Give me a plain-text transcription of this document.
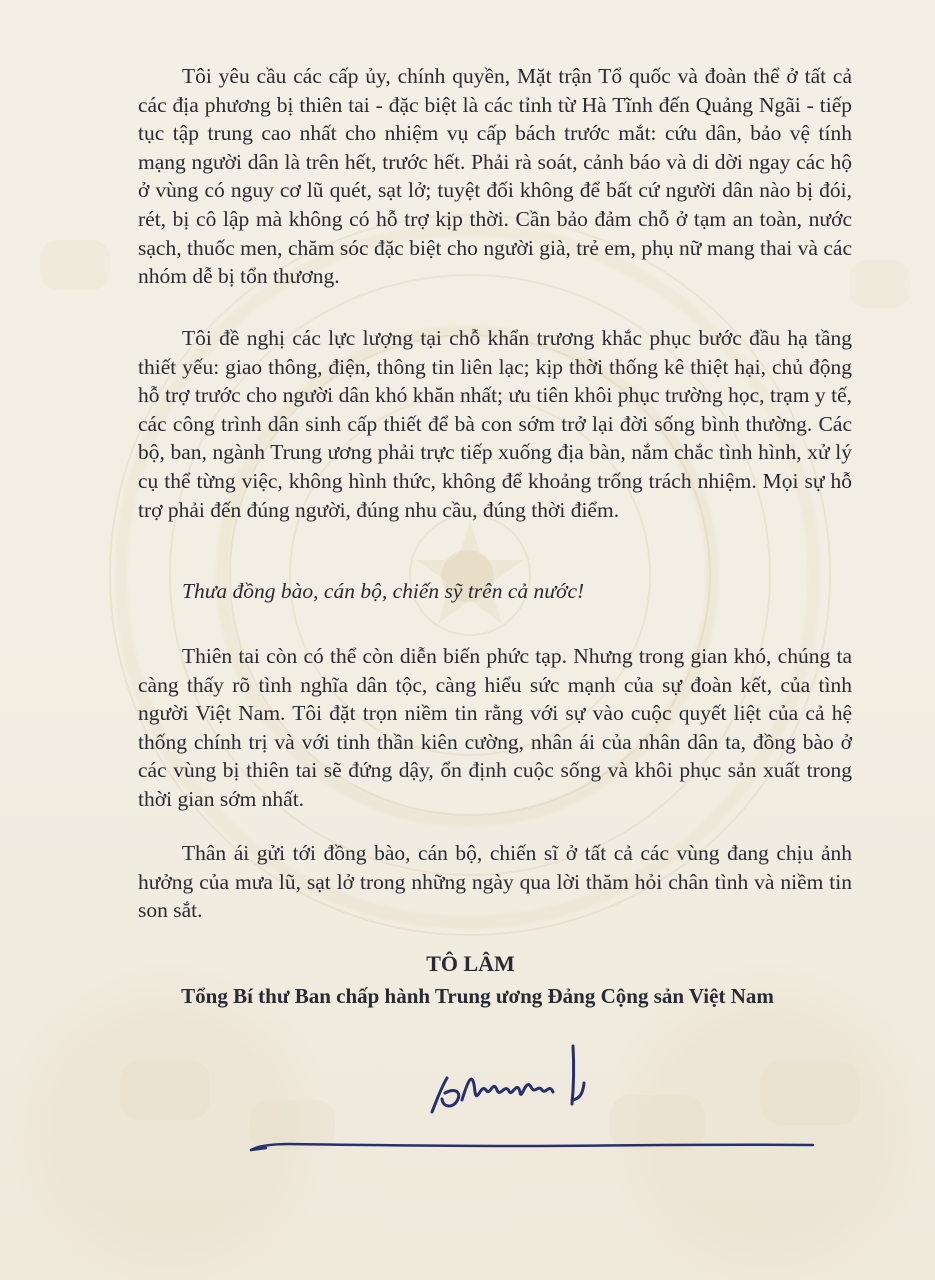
Tôi yêu cầu các cấp ủy, chính quyền, Mặt trận Tổ quốc và đoàn thể ở tất cả các địa phương bị thiên tai - đặc biệt là các tỉnh từ Hà Tĩnh đến Quảng Ngãi - tiếp tục tập trung cao nhất cho nhiệm vụ cấp bách trước mắt: cứu dân, bảo vệ tính mạng người dân là trên hết, trước hết. Phải rà soát, cảnh báo và di dời ngay các hộ ở vùng có nguy cơ lũ quét, sạt lở; tuyệt đối không để bất cứ người dân nào bị đói, rét, bị cô lập mà không có hỗ trợ kịp thời. Cần bảo đảm chỗ ở tạm an toàn, nước sạch, thuốc men, chăm sóc đặc biệt cho người già, trẻ em, phụ nữ mang thai và các nhóm dễ bị tổn thương.

Tôi đề nghị các lực lượng tại chỗ khẩn trương khắc phục bước đầu hạ tầng thiết yếu: giao thông, điện, thông tin liên lạc; kịp thời thống kê thiệt hại, chủ động hỗ trợ trước cho người dân khó khăn nhất; ưu tiên khôi phục trường học, trạm y tế, các công trình dân sinh cấp thiết để bà con sớm trở lại đời sống bình thường. Các bộ, ban, ngành Trung ương phải trực tiếp xuống địa bàn, nắm chắc tình hình, xử lý cụ thể từng việc, không hình thức, không để khoảng trống trách nhiệm. Mọi sự hỗ trợ phải đến đúng người, đúng nhu cầu, đúng thời điểm.

Thưa đồng bào, cán bộ, chiến sỹ trên cả nước!

Thiên tai còn có thể còn diễn biến phức tạp. Nhưng trong gian khó, chúng ta càng thấy rõ tình nghĩa dân tộc, càng hiểu sức mạnh của sự đoàn kết, của tình người Việt Nam. Tôi đặt trọn niềm tin rằng với sự vào cuộc quyết liệt của cả hệ thống chính trị và với tinh thần kiên cường, nhân ái của nhân dân ta, đồng bào ở các vùng bị thiên tai sẽ đứng dậy, ổn định cuộc sống và khôi phục sản xuất trong thời gian sớm nhất.

Thân ái gửi tới đồng bào, cán bộ, chiến sĩ ở tất cả các vùng đang chịu ảnh hưởng của mưa lũ, sạt lở trong những ngày qua lời thăm hỏi chân tình và niềm tin son sắt.

TÔ LÂM
Tổng Bí thư Ban chấp hành Trung ương Đảng Cộng sản Việt Nam
